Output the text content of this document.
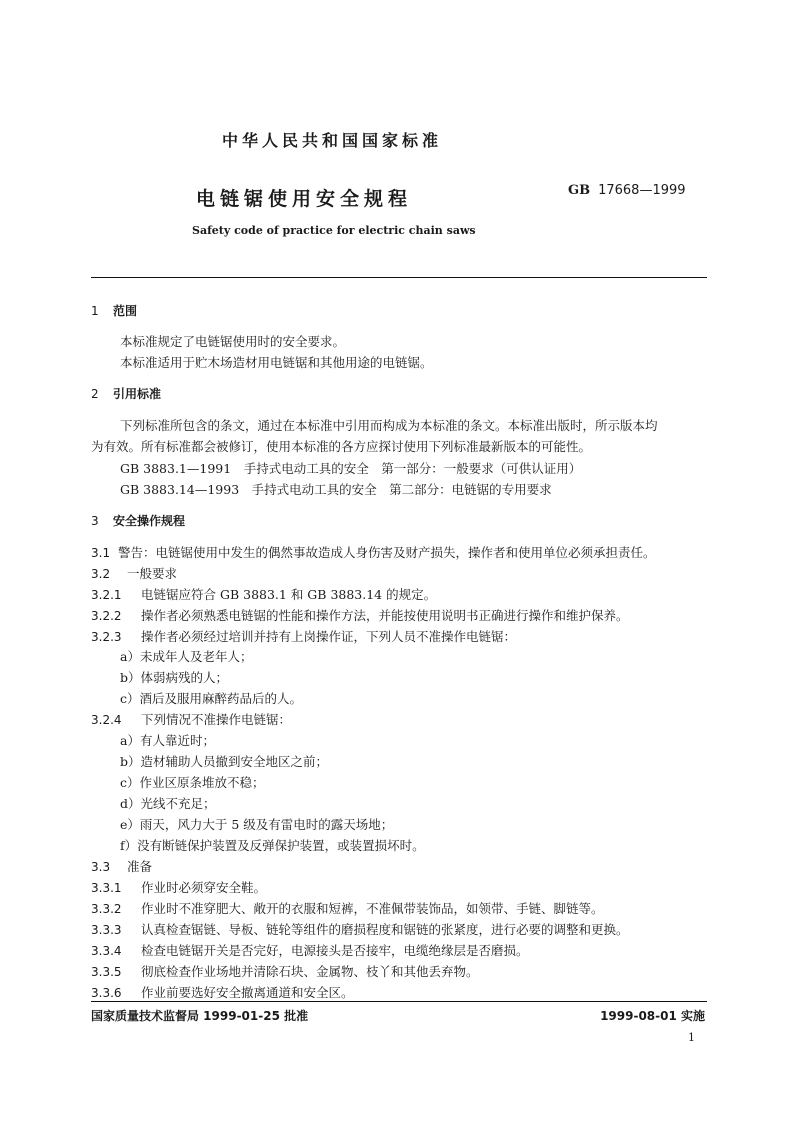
中华人民共和国国家标准
电链锯使用安全规程	GB 17668—1999
Safety code of practice for electric chain saws
1 范围
本标准规定了电链锯使用时的安全要求。
本标准适用于贮木场造材用电链锯和其他用途的电链锯。
2 引用标准
下列标准所包含的条文，通过在本标准中引用而构成为本标准的条文。本标准出版时，所示版本均
为有效。所有标准都会被修订，使用本标准的各方应探讨使用下列标准最新版本的可能性。
GB 3883.1—1991　手持式电动工具的安全　第一部分：一般要求（可供认证用）
GB 3883.14—1993　手持式电动工具的安全　第二部分：电链锯的专用要求
3 安全操作规程
3.1 警告：电链锯使用中发生的偶然事故造成人身伤害及财产损失，操作者和使用单位必须承担责任。
3.2 一般要求
3.2.1 电链锯应符合 GB 3883.1 和 GB 3883.14 的规定。
3.2.2 操作者必须熟悉电链锯的性能和操作方法，并能按使用说明书正确进行操作和维护保养。
3.2.3 操作者必须经过培训并持有上岗操作证，下列人员不准操作电链锯：
a）未成年人及老年人；
b）体弱病残的人；
c）酒后及服用麻醉药品后的人。
3.2.4 下列情况不准操作电链锯：
a）有人靠近时；
b）造材辅助人员撤到安全地区之前；
c）作业区原条堆放不稳；
d）光线不充足；
e）雨天，风力大于 5 级及有雷电时的露天场地；
f）没有断链保护装置及反弹保护装置，或装置损坏时。
3.3 准备
3.3.1 作业时必须穿安全鞋。
3.3.2 作业时不准穿肥大、敞开的衣服和短裤，不准佩带装饰品，如领带、手链、脚链等。
3.3.3 认真检查锯链、导板、链轮等组件的磨损程度和锯链的张紧度，进行必要的调整和更换。
3.3.4 检查电链锯开关是否完好，电源接头是否接牢，电缆绝缘层是否磨损。
3.3.5 彻底检查作业场地并清除石块、金属物、枝丫和其他丢弃物。
3.3.6 作业前要选好安全撤离通道和安全区。
国家质量技术监督局 1999-01-25 批准	1999-08-01 实施
1
